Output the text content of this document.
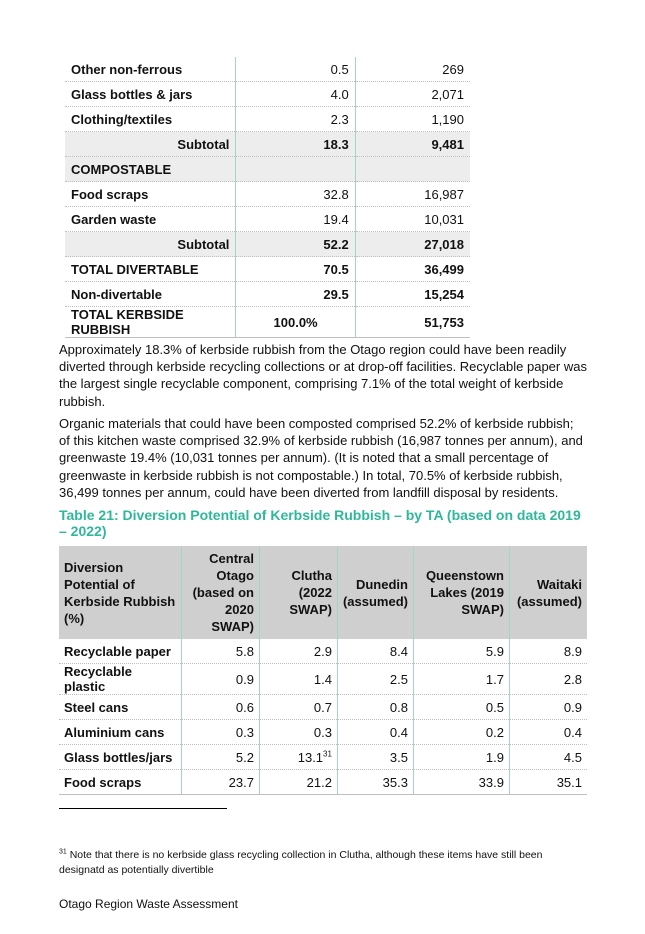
Other non-ferrous	0.5	269
Glass bottles & jars	4.0	2,071
Clothing/textiles	2.3	1,190
Subtotal	18.3	9,481
COMPOSTABLE		
Food scraps	32.8	16,987
Garden waste	19.4	10,031
Subtotal	52.2	27,018
TOTAL DIVERTABLE	70.5	36,499
Non-divertable	29.5	15,254
TOTAL KERBSIDE RUBBISH	100.0%	51,753

Approximately 18.3% of kerbside rubbish from the Otago region could have been readily diverted through kerbside recycling collections or at drop-off facilities. Recyclable paper was the largest single recyclable component, comprising 7.1% of the total weight of kerbside rubbish.

Organic materials that could have been composted comprised 52.2% of kerbside rubbish; of this kitchen waste comprised 32.9% of kerbside rubbish (16,987 tonnes per annum), and greenwaste 19.4% (10,031 tonnes per annum). (It is noted that a small percentage of greenwaste in kerbside rubbish is not compostable.) In total, 70.5% of kerbside rubbish, 36,499 tonnes per annum, could have been diverted from landfill disposal by residents.

Table 21: Diversion Potential of Kerbside Rubbish – by TA (based on data 2019 – 2022)

Diversion Potential of Kerbside Rubbish (%)	Central Otago (based on 2020 SWAP)	Clutha (2022 SWAP)	Dunedin (assumed)	Queenstown Lakes (2019 SWAP)	Waitaki (assumed)
Recyclable paper	5.8	2.9	8.4	5.9	8.9
Recyclable plastic	0.9	1.4	2.5	1.7	2.8
Steel cans	0.6	0.7	0.8	0.5	0.9
Aluminium cans	0.3	0.3	0.4	0.2	0.4
Glass bottles/jars	5.2	13.1$^{31}$	3.5	1.9	4.5
Food scraps	23.7	21.2	35.3	33.9	35.1

$^{31}$ Note that there is no kerbside glass recycling collection in Clutha, although these items have still been designatd as potentially divertible

Otago Region Waste Assessment
